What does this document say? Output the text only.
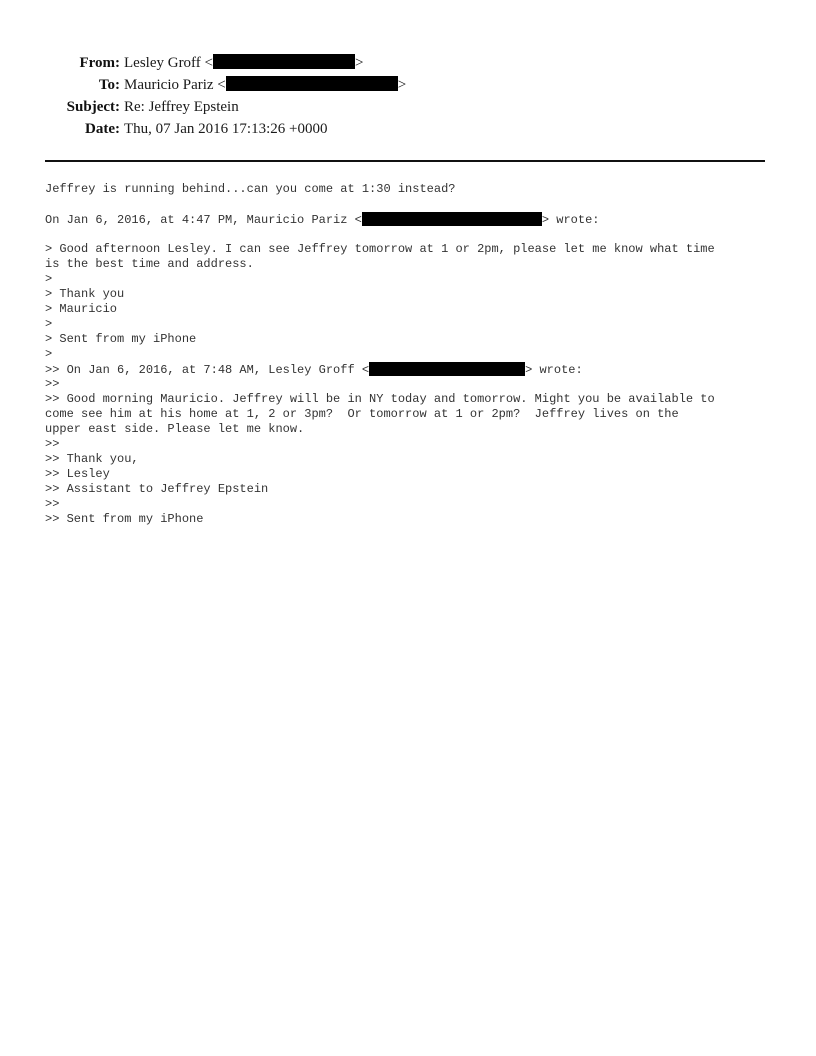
From: Lesley Groff <	>
To: Mauricio Pariz <	>
Subject: Re: Jeffrey Epstein
Date: Thu, 07 Jan 2016 17:13:26 +0000
Jeffrey is running behind...can you come at 1:30 instead?
On Jan 6, 2016, at 4:47 PM, Mauricio Pariz <	> wrote:
> Good afternoon Lesley. I can see Jeffrey tomorrow at 1 or 2pm, please let me know what time
is the best time and address.
>
> Thank you
> Mauricio
>
> Sent from my iPhone
>
>> On Jan 6, 2016, at 7:48 AM, Lesley Groff <	> wrote:
>>
>> Good morning Mauricio. Jeffrey will be in NY today and tomorrow. Might you be available to
come see him at his home at 1, 2 or 3pm?  Or tomorrow at 1 or 2pm?  Jeffrey lives on the
upper east side. Please let me know.
>>
>> Thank you,
>> Lesley
>> Assistant to Jeffrey Epstein
>>
>> Sent from my iPhone
